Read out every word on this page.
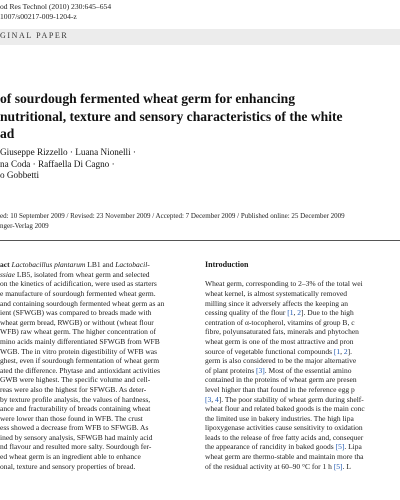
od Res Technol (2010) 230:645–654
1007/s00217-009-1204-z
GINAL PAPER
of sourdough fermented wheat germ for enhancing
nutritional, texture and sensory characteristics of the white
ad
Giuseppe Rizzello · Luana Nionelli ·
na Coda · Raffaella Di Cagno ·
o Gobbetti
ed: 10 September 2009 / Revised: 23 November 2009 / Accepted: 7 December 2009 / Published online: 25 December 2009
nger-Verlag 2009
act Lactobacillus plantarum LB1 and Lactobacil-
ssiae LB5, isolated from wheat germ and selected
on the kinetics of acidification, were used as starters
e manufacture of sourdough fermented wheat germ.
and containing sourdough fermented wheat germ as an
ient (SFWGB) was compared to breads made with
wheat germ bread, RWGB) or without (wheat flour
WFB) raw wheat germ. The higher concentration of
mino acids mainly differentiated SFWGB from WFB
WGB. The in vitro protein digestibility of WFB was
ghest, even if sourdough fermentation of wheat germ
ated the difference. Phytase and antioxidant activities
GWB were highest. The specific volume and cell-
reas were also the highest for SFWGB. As deter-
by texture profile analysis, the values of hardness,
ance and fracturability of breads containing wheat
were lower than those found in WFB. The crust
ess showed a decrease from WFB to SFWGB. As
ined by sensory analysis, SFWGB had mainly acid
nd flavour and resulted more salty. Sourdough fer-
ed wheat germ is an ingredient able to enhance
onal, texture and sensory properties of bread.
Introduction
Wheat germ, corresponding to 2–3% of the total wei
wheat kernel, is almost systematically removed
milling since it adversely affects the keeping an
cessing quality of the flour [1, 2]. Due to the high
centration of α-tocopherol, vitamins of group B, c
fibre, polyunsaturated fats, minerals and phytochen
wheat germ is one of the most attractive and pron
source of vegetable functional compounds [1, 2].
germ is also considered to be the major alternative
of plant proteins [3]. Most of the essential amino
contained in the proteins of wheat germ are presen
level higher than that found in the reference egg p
[3, 4]. The poor stability of wheat germ during shelf-
wheat flour and related baked goods is the main conc
the limited use in bakery industries. The high lipa
lipoxygenase activities cause sensitivity to oxidation
leads to the release of free fatty acids and, consequer
the appearance of rancidity in baked goods [5]. Lipa
wheat germ are thermo-stable and maintain more tha
of the residual activity at 60–90 °C for 1 h [5]. L
